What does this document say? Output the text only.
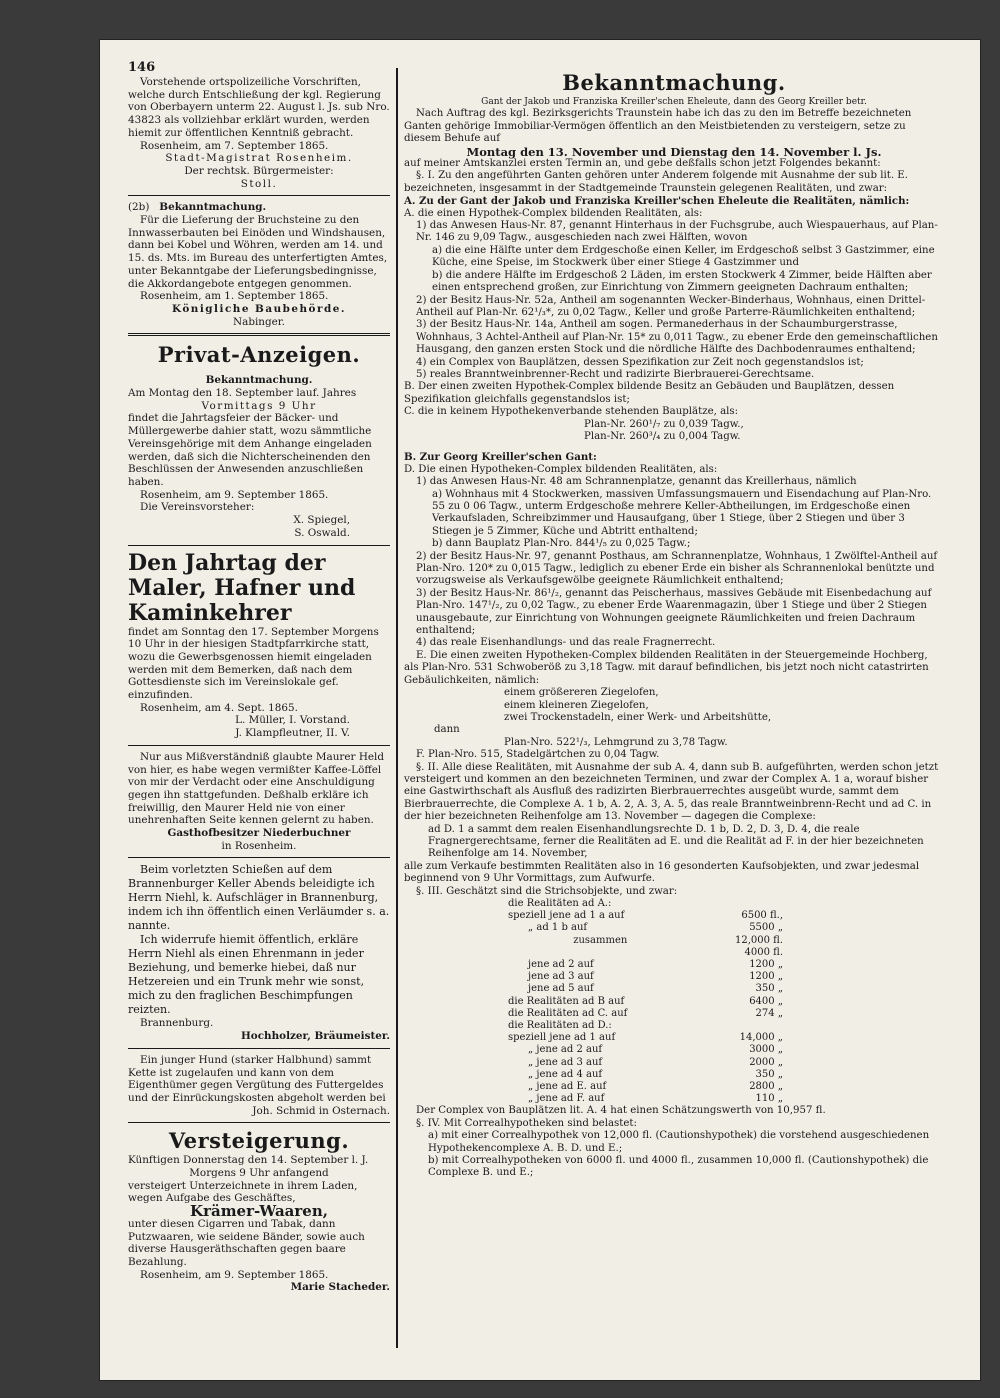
146

Vorstehende ortspolizeiliche Vorschriften, welche durch Entschließung der kgl. Regierung von Oberbayern unterm 22. August l. Js. sub Nro. 43823 als vollziehbar erklärt wurden, werden hiemit zur öffentlichen Kenntniß gebracht.

Rosenheim, am 7. September 1865.

Stadt-Magistrat Rosenheim.

Der rechtsk. Bürgermeister:

Stoll.

(2b) Bekanntmachung.

Für die Lieferung der Bruchsteine zu den Innwasserbauten bei Einöden und Windshausen, dann bei Kobel und Wöhren, werden am 14. und 15. ds. Mts. im Bureau des unterfertigten Amtes, unter Bekanntgabe der Lieferungsbedingnisse, die Akkordangebote entgegen genommen.

Rosenheim, am 1. September 1865.

Königliche Baubehörde.

Nabinger.

Privat-Anzeigen.

Bekanntmachung.

Am Montag den 18. September lauf. Jahres

Vormittags 9 Uhr

findet die Jahrtagsfeier der Bäcker- und Müllergewerbe dahier statt, wozu sämmtliche Vereinsgehörige mit dem Anhange eingeladen werden, daß sich die Nichterscheinenden den Beschlüssen der Anwesenden anzuschließen haben.

Rosenheim, am 9. September 1865.

Die Vereinsvorsteher:

X. Spiegel,

S. Oswald.

Den Jahrtag der Maler, Hafner und Kaminkehrer

findet am Sonntag den 17. September Morgens 10 Uhr in der hiesigen Stadtpfarrkirche statt, wozu die Gewerbsgenossen hiemit eingeladen werden mit dem Bemerken, daß nach dem Gottesdienste sich im Vereinslokale gef. einzufinden.

Rosenheim, am 4. Sept. 1865.

L. Müller, I. Vorstand.

J. Klampfleutner, II. V.

Nur aus Mißverständniß glaubte Maurer Held von hier, es habe wegen vermißter Kaffee-Löffel von mir der Verdacht oder eine Anschuldigung gegen ihn stattgefunden. Deßhalb erkläre ich freiwillig, den Maurer Held nie von einer unehrenhaften Seite kennen gelernt zu haben.

Gasthofbesitzer Niederbuchner

in Rosenheim.

Beim vorletzten Schießen auf dem Brannenburger Keller Abends beleidigte ich Herrn Niehl, k. Aufschläger in Brannenburg, indem ich ihn öffentlich einen Verläumder s. a. nannte.

Ich widerrufe hiemit öffentlich, erkläre Herrn Niehl als einen Ehrenmann in jeder Beziehung, und bemerke hiebei, daß nur Hetzereien und ein Trunk mehr wie sonst, mich zu den fraglichen Beschimpfungen reizten.

Brannenburg.

Hochholzer, Bräumeister.

Ein junger Hund (starker Halbhund) sammt Kette ist zugelaufen und kann von dem Eigenthümer gegen Vergütung des Futtergeldes und der Einrückungskosten abgeholt werden bei

Joh. Schmid in Osternach.

Versteigerung.

Künftigen Donnerstag den 14. September l. J.

Morgens 9 Uhr anfangend

versteigert Unterzeichnete in ihrem Laden, wegen Aufgabe des Geschäftes,

Krämer-Waaren,

unter diesen Cigarren und Tabak, dann Putzwaaren, wie seidene Bänder, sowie auch diverse Hausgeräthschaften gegen baare Bezahlung.

Rosenheim, am 9. September 1865.

Marie Stacheder.

Bekanntmachung.

Gant der Jakob und Franziska Kreiller'schen Eheleute, dann des Georg Kreiller betr.

Nach Auftrag des kgl. Bezirksgerichts Traunstein habe ich das zu den im Betreffe bezeichneten Ganten gehörige Immobiliar-Vermögen öffentlich an den Meistbietenden zu versteigern, setze zu diesem Behufe auf

Montag den 13. November und Dienstag den 14. November l. Js.

auf meiner Amtskanzlei ersten Termin an, und gebe deßfalls schon jetzt Folgendes bekannt:

§. I. Zu den angeführten Ganten gehören unter Anderem folgende mit Ausnahme der sub lit. E. bezeichneten, insgesammt in der Stadtgemeinde Traunstein gelegenen Realitäten, und zwar:

A. Zu der Gant der Jakob und Franziska Kreiller'schen Eheleute die Realitäten, nämlich:

A. die einen Hypothek-Complex bildenden Realitäten, als:

1) das Anwesen Haus-Nr. 87, genannt Hinterhaus in der Fuchsgrube, auch Wiespauerhaus, auf Plan-Nr. 146 zu 9,09 Tagw., ausgeschieden nach zwei Hälften, wovon

a) die eine Hälfte unter dem Erdgeschoße einen Keller, im Erdgeschoß selbst 3 Gastzimmer, eine Küche, eine Speise, im Stockwerk über einer Stiege 4 Gastzimmer und

b) die andere Hälfte im Erdgeschoß 2 Läden, im ersten Stockwerk 4 Zimmer, beide Hälften aber einen entsprechend großen, zur Einrichtung von Zimmern geeigneten Dachraum enthalten;

2) der Besitz Haus-Nr. 52a, Antheil am sogenannten Wecker-Binderhaus, Wohnhaus, einen Drittel-Antheil auf Plan-Nr. 62¹/₃*, zu 0,02 Tagw., Keller und große Parterre-Räumlichkeiten enthaltend;

3) der Besitz Haus-Nr. 14a, Antheil am sogen. Permanederhaus in der Schaumburgerstrasse, Wohnhaus, 3 Achtel-Antheil auf Plan-Nr. 15* zu 0,011 Tagw., zu ebener Erde den gemeinschaftlichen Hausgang, den ganzen ersten Stock und die nördliche Hälfte des Dachbodenraumes enthaltend;

4) ein Complex von Bauplätzen, dessen Spezifikation zur Zeit noch gegenstandslos ist;

5) reales Branntweinbrenner-Recht und radizirte Bierbrauerei-Gerechtsame.

B. Der einen zweiten Hypothek-Complex bildende Besitz an Gebäuden und Bauplätzen, dessen Spezifikation gleichfalls gegenstandslos ist;

C. die in keinem Hypothekenverbande stehenden Bauplätze, als:

Plan-Nr. 260¹/₇ zu 0,039 Tagw.,

Plan-Nr. 260³/₄ zu 0,004 Tagw.

B. Zur Georg Kreiller'schen Gant:

D. Die einen Hypotheken-Complex bildenden Realitäten, als:

1) das Anwesen Haus-Nr. 48 am Schrannenplatze, genannt das Kreillerhaus, nämlich

a) Wohnhaus mit 4 Stockwerken, massiven Umfassungsmauern und Eisendachung auf Plan-Nro. 55 zu 0 06 Tagw., unterm Erdgeschoße mehrere Keller-Abtheilungen, im Erdgeschoße einen Verkaufsladen, Schreibzimmer und Hausaufgang, über 1 Stiege, über 2 Stiegen und über 3 Stiegen je 5 Zimmer, Küche und Abtritt enthaltend;

b) dann Bauplatz Plan-Nro. 844¹/₅ zu 0,025 Tagw.;

2) der Besitz Haus-Nr. 97, genannt Posthaus, am Schrannenplatze, Wohnhaus, 1 Zwölftel-Antheil auf Plan-Nro. 120* zu 0,015 Tagw., lediglich zu ebener Erde ein bisher als Schrannenlokal benützte und vorzugsweise als Verkaufsgewölbe geeignete Räumlichkeit enthaltend;

3) der Besitz Haus-Nr. 86¹/₂, genannt das Peischerhaus, massives Gebäude mit Eisenbedachung auf Plan-Nro. 147¹/₂, zu 0,02 Tagw., zu ebener Erde Waarenmagazin, über 1 Stiege und über 2 Stiegen unausgebaute, zur Einrichtung von Wohnungen geeignete Räumlichkeiten und freien Dachraum enthaltend;

4) das reale Eisenhandlungs- und das reale Fragnerrecht.

E. Die einen zweiten Hypotheken-Complex bildenden Realitäten in der Steuergemeinde Hochberg, als Plan-Nro. 531 Schwoberöß zu 3,18 Tagw. mit darauf befindlichen, bis jetzt noch nicht catastrirten Gebäulichkeiten, nämlich:

einem größereren Ziegelofen,

einem kleineren Ziegelofen,

zwei Trockenstadeln, einer Werk- und Arbeitshütte,

dann

Plan-Nro. 522¹/₃, Lehmgrund zu 3,78 Tagw.

F. Plan-Nro. 515, Stadelgärtchen zu 0,04 Tagw.

§. II. Alle diese Realitäten, mit Ausnahme der sub A. 4, dann sub B. aufgeführten, werden schon jetzt versteigert und kommen an den bezeichneten Terminen, und zwar der Complex A. 1 a, worauf bisher eine Gastwirthschaft als Ausfluß des radizirten Bierbrauerrechtes ausgeübt wurde, sammt dem Bierbrauerrechte, die Complexe A. 1 b, A. 2, A. 3, A. 5, das reale Branntweinbrenn-Recht und ad C. in der hier bezeichneten Reihenfolge am 13. November — dagegen die Complexe:

ad D. 1 a sammt dem realen Eisenhandlungsrechte D. 1 b, D. 2, D. 3, D. 4, die reale Fragnergerechtsame, ferner die Realitäten ad E. und die Realität ad F. in der hier bezeichneten Reihenfolge am 14. November,

alle zum Verkaufe bestimmten Realitäten also in 16 gesonderten Kaufsobjekten, und zwar jedesmal beginnend von 9 Uhr Vormittags, zum Aufwurfe.

§. III. Geschätzt sind die Strichsobjekte, und zwar:

die Realitäten ad A.:	
speziell jene ad 1 a auf	6500 fl.,
„ ad 1 b auf	5500 „
zusammen	12,000 fl.
	4000 fl.
jene ad 2 auf	1200 „
jene ad 3 auf	1200 „
jene ad 5 auf	350 „
die Realitäten ad B auf	6400 „
die Realitäten ad C. auf	274 „
die Realitäten ad D.:	
speziell jene ad 1 auf	14,000 „
„ jene ad 2 auf	3000 „
„ jene ad 3 auf	2000 „
„ jene ad 4 auf	350 „
„ jene ad E. auf	2800 „
„ jene ad F. auf	110 „

Der Complex von Bauplätzen lit. A. 4 hat einen Schätzungswerth von 10,957 fl.

§. IV. Mit Correalhypotheken sind belastet:

a) mit einer Correalhypothek von 12,000 fl. (Cautionshypothek) die vorstehend ausgeschiedenen Hypothekencomplexe A. B. D. und E.;

b) mit Correalhypotheken von 6000 fl. und 4000 fl., zusammen 10,000 fl. (Cautionshypothek) die Complexe B. und E.;
